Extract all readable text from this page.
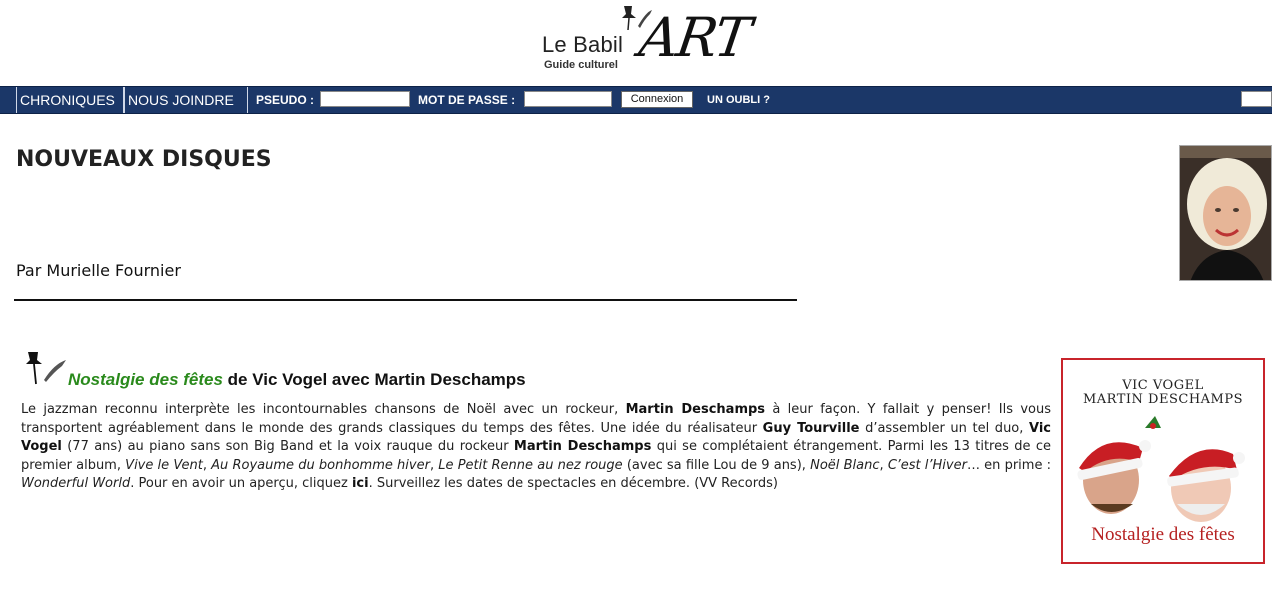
Le Babil ART
Guide culturel
CHRONIQUES NOUS JOINDRE	PSEUDO :	MOT DE PASSE :	Connexion	UN OUBLI ?
NOUVEAUX DISQUES
Par Murielle Fournier
Nostalgie des fêtes de Vic Vogel avec Martin Deschamps

Le jazzman reconnu interprète les incontournables chansons de Noël avec un rockeur, Martin Deschamps à leur façon. Y fallait y penser! Ils vous transportent agréablement dans le monde des grands classiques du temps des fêtes. Une idée du réalisateur Guy Tourville d’assembler un tel duo, Vic Vogel (77 ans) au piano sans son Big Band et la voix rauque du rockeur Martin Deschamps qui se complétaient étrangement. Parmi les 13 titres de ce premier album, Vive le Vent, Au Royaume du bonhomme hiver, Le Petit Renne au nez rouge (avec sa fille Lou de 9 ans), Noël Blanc, C’est l’Hiver… en prime : Wonderful World. Pour en avoir un aperçu, cliquez ici. Surveillez les dates de spectacles en décembre. (VV Records)

VIC VOGEL
MARTIN DESCHAMPS
Nostalgie des fêtes
